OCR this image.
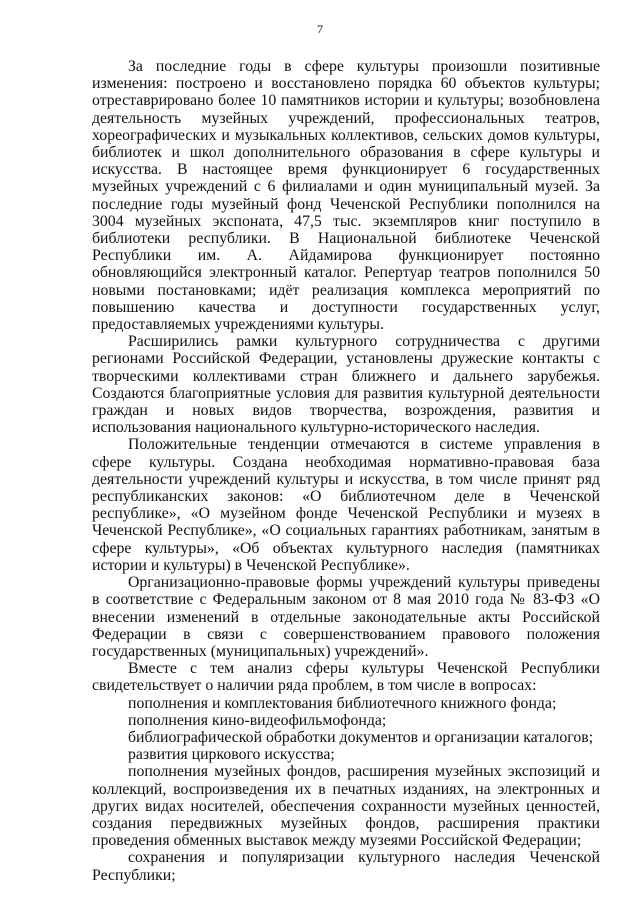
7

За последние годы в сфере культуры произошли позитивные изменения: построено и восстановлено порядка 60 объектов культуры; отреставрировано более 10 памятников истории и культуры; возобновлена деятельность музейных учреждений, профессиональных театров, хореографических и музыкальных коллективов, сельских домов культуры, библиотек и школ дополнительного образования в сфере культуры и искусства. В настоящее время функционирует 6 государственных музейных учреждений с 6 филиалами и один муниципальный музей. За последние годы музейный фонд Чеченской Республики пополнился на 3004 музейных экспоната, 47,5 тыс. экземпляров книг поступило в библиотеки республики. В Национальной библиотеке Чеченской Республики им. А. Айдамирова функционирует постоянно обновляющийся электронный каталог. Репертуар театров пополнился 50 новыми постановками; идёт реализация комплекса мероприятий по повышению качества и доступности государственных услуг, предоставляемых учреждениями культуры.

Расширились рамки культурного сотрудничества с другими регионами Российской Федерации, установлены дружеские контакты с творческими коллективами стран ближнего и дальнего зарубежья. Создаются благоприятные условия для развития культурной деятельности граждан и новых видов творчества, возрождения, развития и использования национального культурно-исторического наследия.

Положительные тенденции отмечаются в системе управления в сфере культуры. Создана необходимая нормативно-правовая база деятельности учреждений культуры и искусства, в том числе принят ряд республиканских законов: «О библиотечном деле в Чеченской республике», «О музейном фонде Чеченской Республики и музеях в Чеченской Республике», «О социальных гарантиях работникам, занятым в сфере культуры», «Об объектах культурного наследия (памятниках истории и культуры) в Чеченской Республике».

Организационно-правовые формы учреждений культуры приведены в соответствие с Федеральным законом от 8 мая 2010 года № 83-ФЗ «О внесении изменений в отдельные законодательные акты Российской Федерации в связи с совершенствованием правового положения государственных (муниципальных) учреждений».

Вместе с тем анализ сферы культуры Чеченской Республики свидетельствует о наличии ряда проблем, в том числе в вопросах:

пополнения и комплектования библиотечного книжного фонда;
пополнения кино-видеофильмофонда;
библиографической обработки документов и организации каталогов;
развития циркового искусства;
пополнения музейных фондов, расширения музейных экспозиций и коллекций, воспроизведения их в печатных изданиях, на электронных и других видах носителей, обеспечения сохранности музейных ценностей, создания передвижных музейных фондов, расширения практики проведения обменных выставок между музеями Российской Федерации;
сохранения и популяризации культурного наследия Чеченской Республики;
